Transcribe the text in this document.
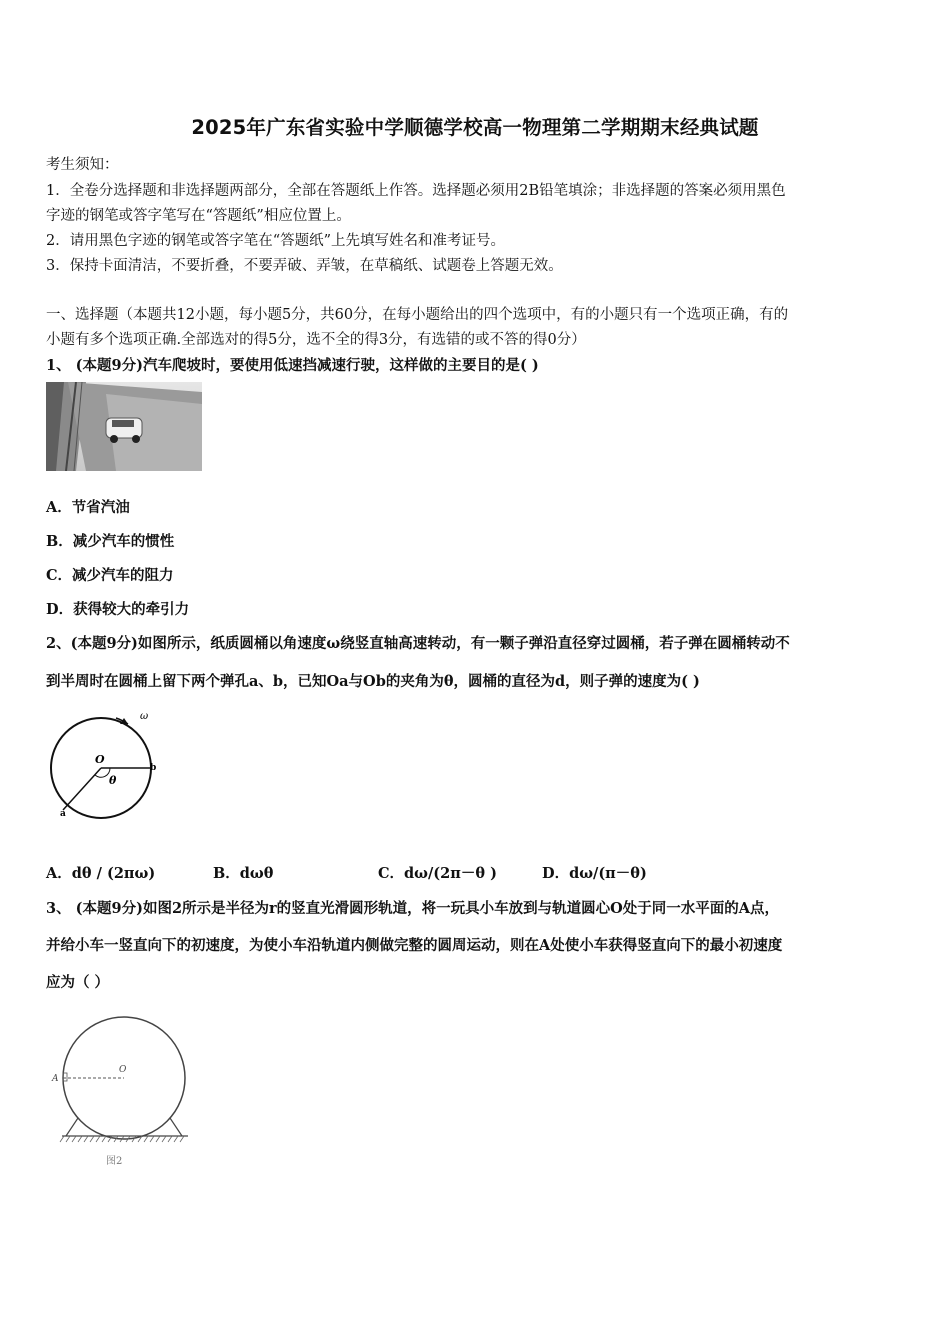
2025年广东省实验中学顺德学校高一物理第二学期期末经典试题
考生须知：
1．全卷分选择题和非选择题两部分，全部在答题纸上作答。选择题必须用2B铅笔填涂；非选择题的答案必须用黑色
字迹的钢笔或答字笔写在“答题纸”相应位置上。
2．请用黑色字迹的钢笔或答字笔在“答题纸”上先填写姓名和准考证号。
3．保持卡面清洁，不要折叠，不要弄破、弄皱，在草稿纸、试题卷上答题无效。
一、选择题（本题共12小题，每小题5分，共60分，在每小题给出的四个选项中，有的小题只有一个选项正确，有的
小题有多个选项正确.全部选对的得5分，选不全的得3分，有选错的或不答的得0分）
1、 (本题9分)汽车爬坡时，要使用低速挡减速行驶，这样做的主要目的是( )
A．节省汽油
B．减少汽车的惯性
C．减少汽车的阻力
D．获得较大的牵引力
2、(本题9分)如图所示，纸质圆桶以角速度ω绕竖直轴高速转动，有一颗子弹沿直径穿过圆桶，若子弹在圆桶转动不
到半周时在圆桶上留下两个弹孔a、b，已知Oa与Ob的夹角为θ，圆桶的直径为d，则子弹的速度为( )
ω
O
θ
b
a
A．dθ / (2πω)	B．dωθ	C．dω/(2π－θ )	D．dω/(π－θ)
3、 (本题9分)如图2所示是半径为r的竖直光滑圆形轨道，将一玩具小车放到与轨道圆心O处于同一水平面的A点，
并给小车一竖直向下的初速度，为使小车沿轨道内侧做完整的圆周运动，则在A处使小车获得竖直向下的最小初速度
应为（ ）
A
O
图2
